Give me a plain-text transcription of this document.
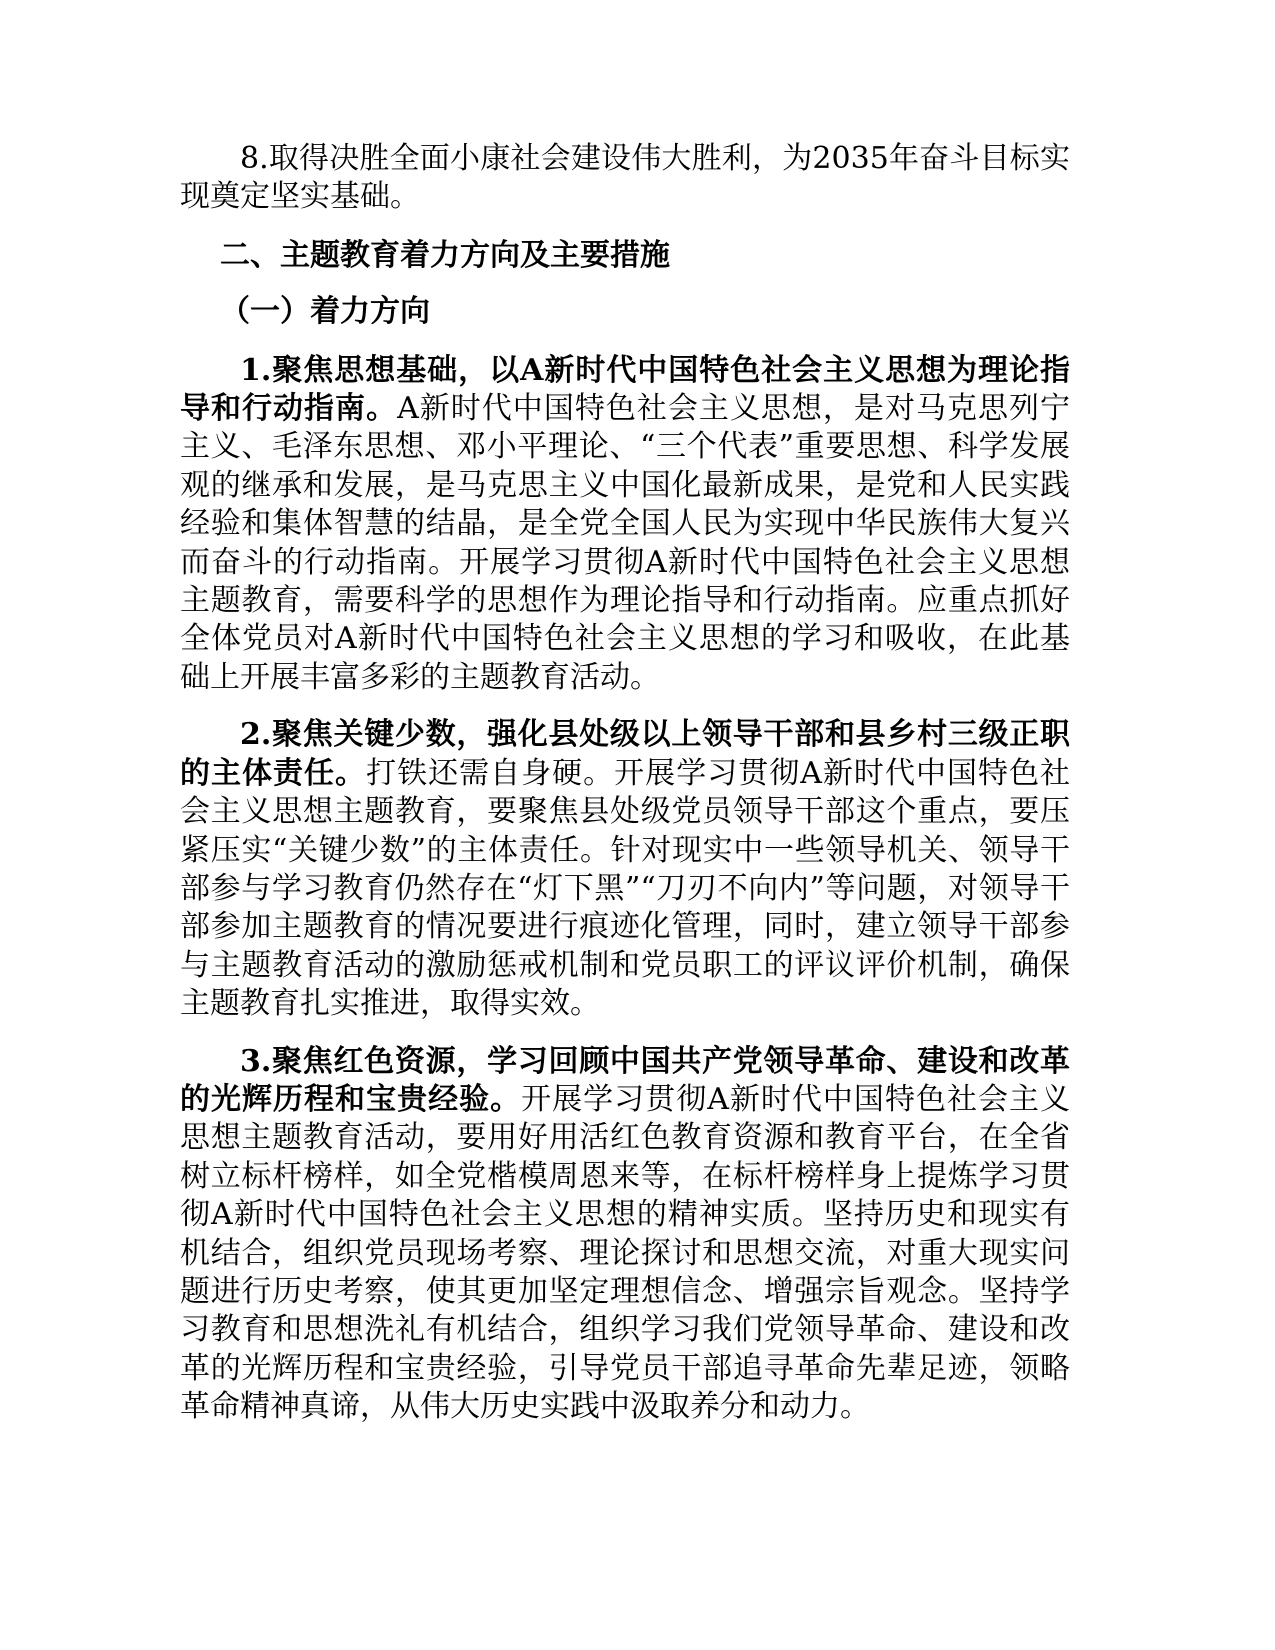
8.取得决胜全面小康社会建设伟大胜利，为2035年奋斗目标实现奠定坚实基础。

二、主题教育着力方向及主要措施

（一）着力方向

1.聚焦思想基础，以A新时代中国特色社会主义思想为理论指导和行动指南。A新时代中国特色社会主义思想，是对马克思列宁主义、毛泽东思想、邓小平理论、“三个代表”重要思想、科学发展观的继承和发展，是马克思主义中国化最新成果，是党和人民实践经验和集体智慧的结晶，是全党全国人民为实现中华民族伟大复兴而奋斗的行动指南。开展学习贯彻A新时代中国特色社会主义思想主题教育，需要科学的思想作为理论指导和行动指南。应重点抓好全体党员对A新时代中国特色社会主义思想的学习和吸收，在此基础上开展丰富多彩的主题教育活动。

2.聚焦关键少数，强化县处级以上领导干部和县乡村三级正职的主体责任。打铁还需自身硬。开展学习贯彻A新时代中国特色社会主义思想主题教育，要聚焦县处级党员领导干部这个重点，要压紧压实“关键少数”的主体责任。针对现实中一些领导机关、领导干部参与学习教育仍然存在“灯下黑”“刀刃不向内”等问题，对领导干部参加主题教育的情况要进行痕迹化管理，同时，建立领导干部参与主题教育活动的激励惩戒机制和党员职工的评议评价机制，确保主题教育扎实推进，取得实效。

3.聚焦红色资源，学习回顾中国共产党领导革命、建设和改革的光辉历程和宝贵经验。开展学习贯彻A新时代中国特色社会主义思想主题教育活动，要用好用活红色教育资源和教育平台，在全省树立标杆榜样，如全党楷模周恩来等，在标杆榜样身上提炼学习贯彻A新时代中国特色社会主义思想的精神实质。坚持历史和现实有机结合，组织党员现场考察、理论探讨和思想交流，对重大现实问题进行历史考察，使其更加坚定理想信念、增强宗旨观念。坚持学习教育和思想洗礼有机结合，组织学习我们党领导革命、建设和改革的光辉历程和宝贵经验，引导党员干部追寻革命先辈足迹，领略革命精神真谛，从伟大历史实践中汲取养分和动力。
